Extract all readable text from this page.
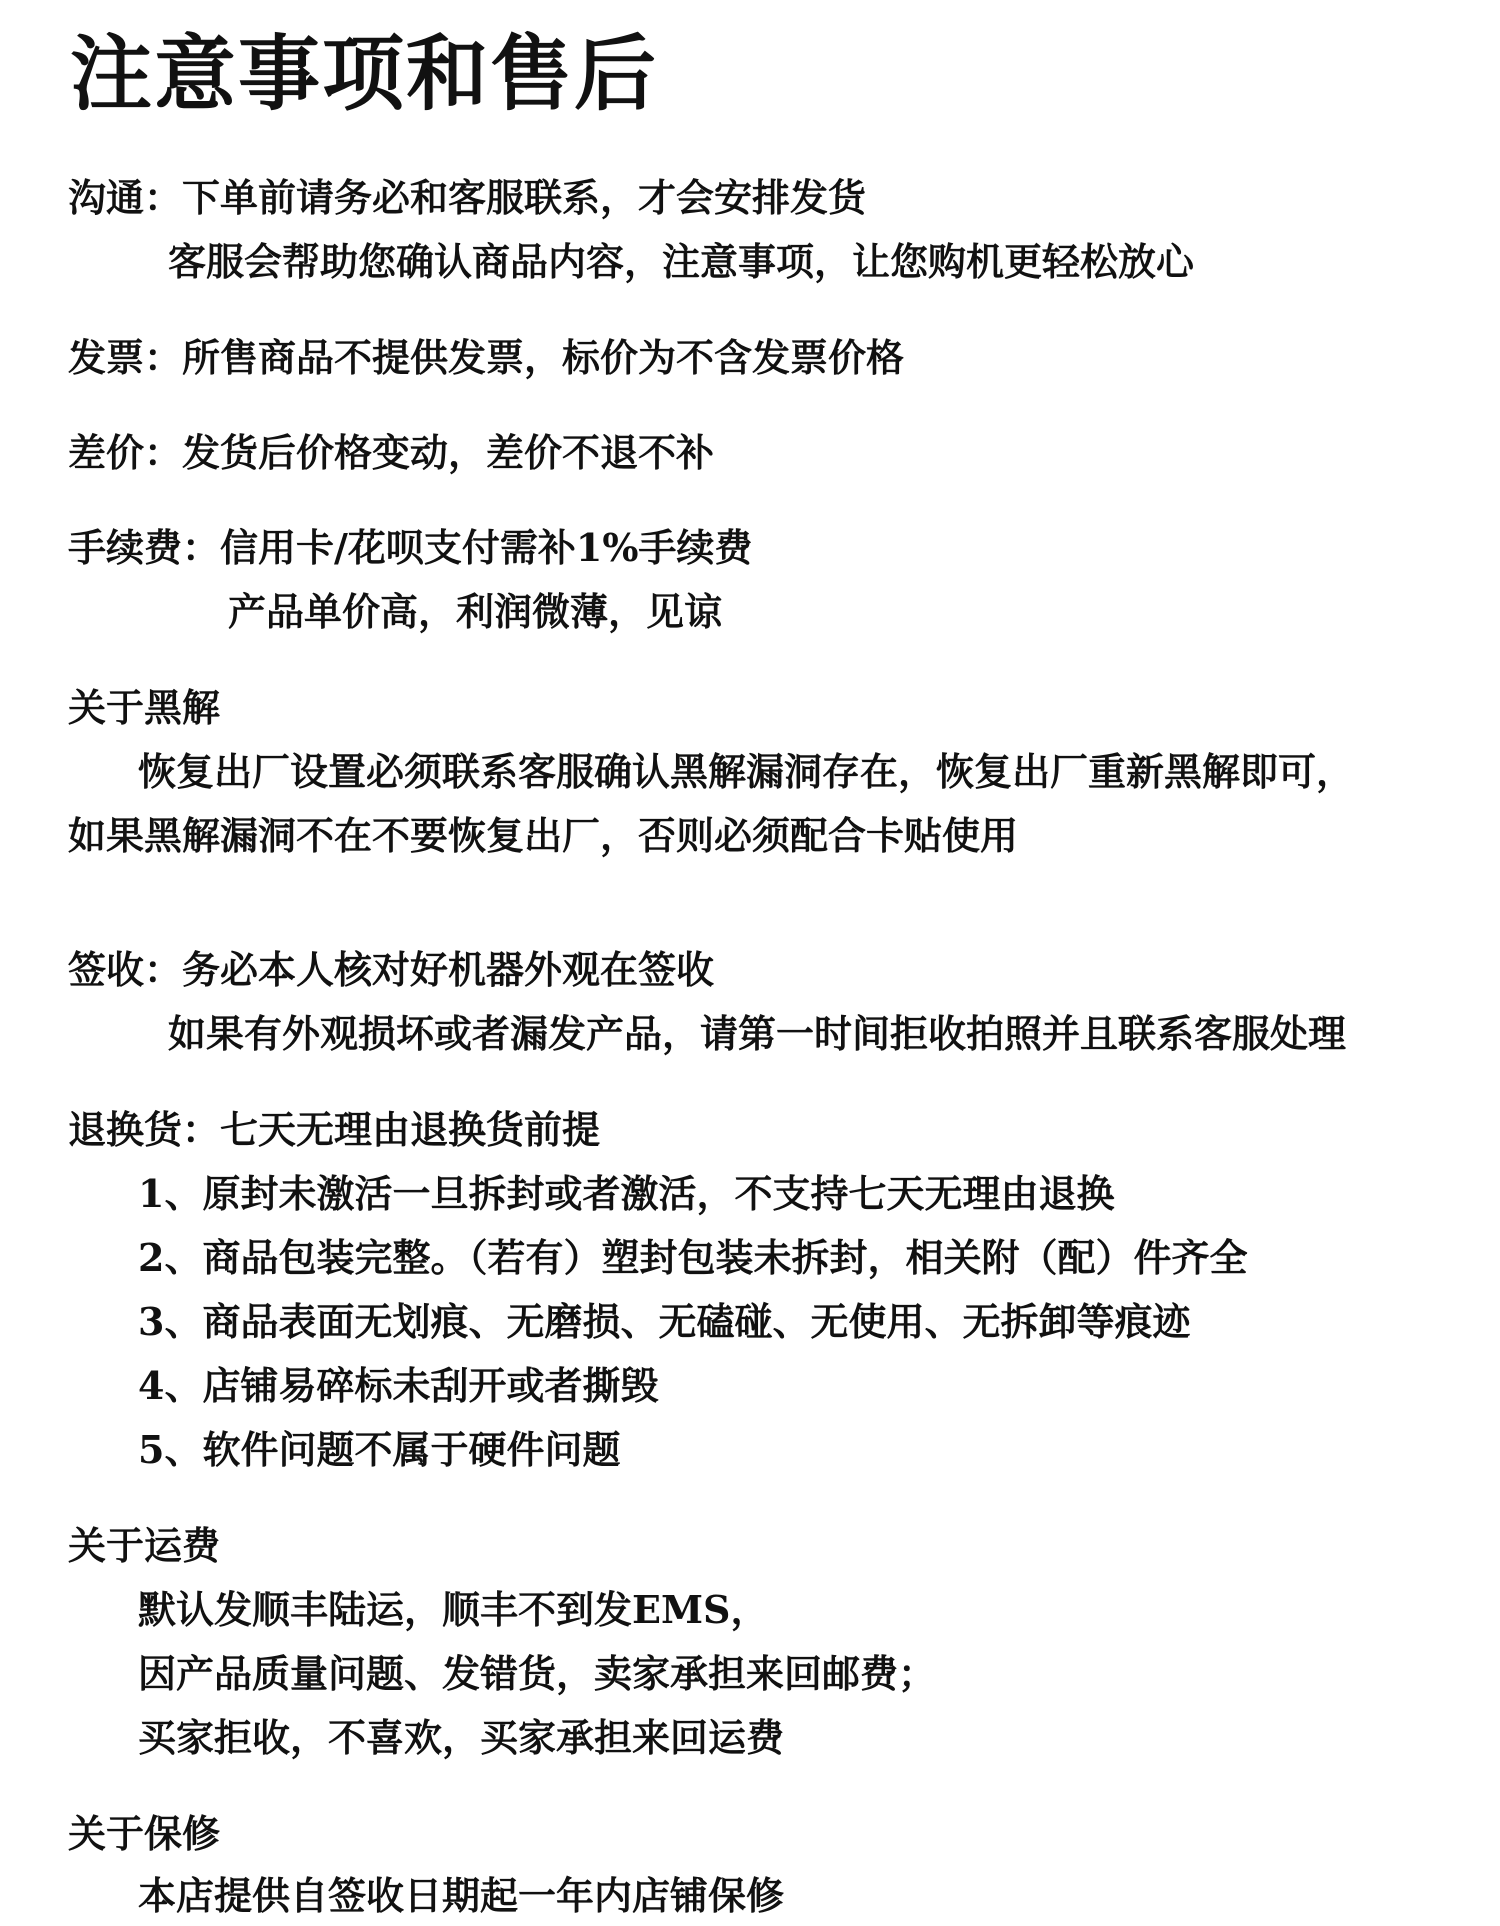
注意事项和售后

沟通：下单前请务必和客服联系，才会安排发货

客服会帮助您确认商品内容，注意事项，让您购机更轻松放心

发票：所售商品不提供发票，标价为不含发票价格

差价：发货后价格变动，差价不退不补

手续费：信用卡/花呗支付需补1%手续费

产品单价高，利润微薄，见谅

关于黑解

恢复出厂设置必须联系客服确认黑解漏洞存在，恢复出厂重新黑解即可，

如果黑解漏洞不在不要恢复出厂，否则必须配合卡贴使用

签收：务必本人核对好机器外观在签收

如果有外观损坏或者漏发产品，请第一时间拒收拍照并且联系客服处理

退换货：七天无理由退换货前提

1、原封未激活一旦拆封或者激活，不支持七天无理由退换

2、商品包装完整。（若有）塑封包装未拆封，相关附（配）件齐全

3、商品表面无划痕、无磨损、无磕碰、无使用、无拆卸等痕迹

4、店铺易碎标未刮开或者撕毁

5、软件问题不属于硬件问题

关于运费

默认发顺丰陆运，顺丰不到发EMS，

因产品质量问题、发错货，卖家承担来回邮费；

买家拒收，不喜欢，买家承担来回运费

关于保修

本店提供自签收日期起一年内店铺保修
